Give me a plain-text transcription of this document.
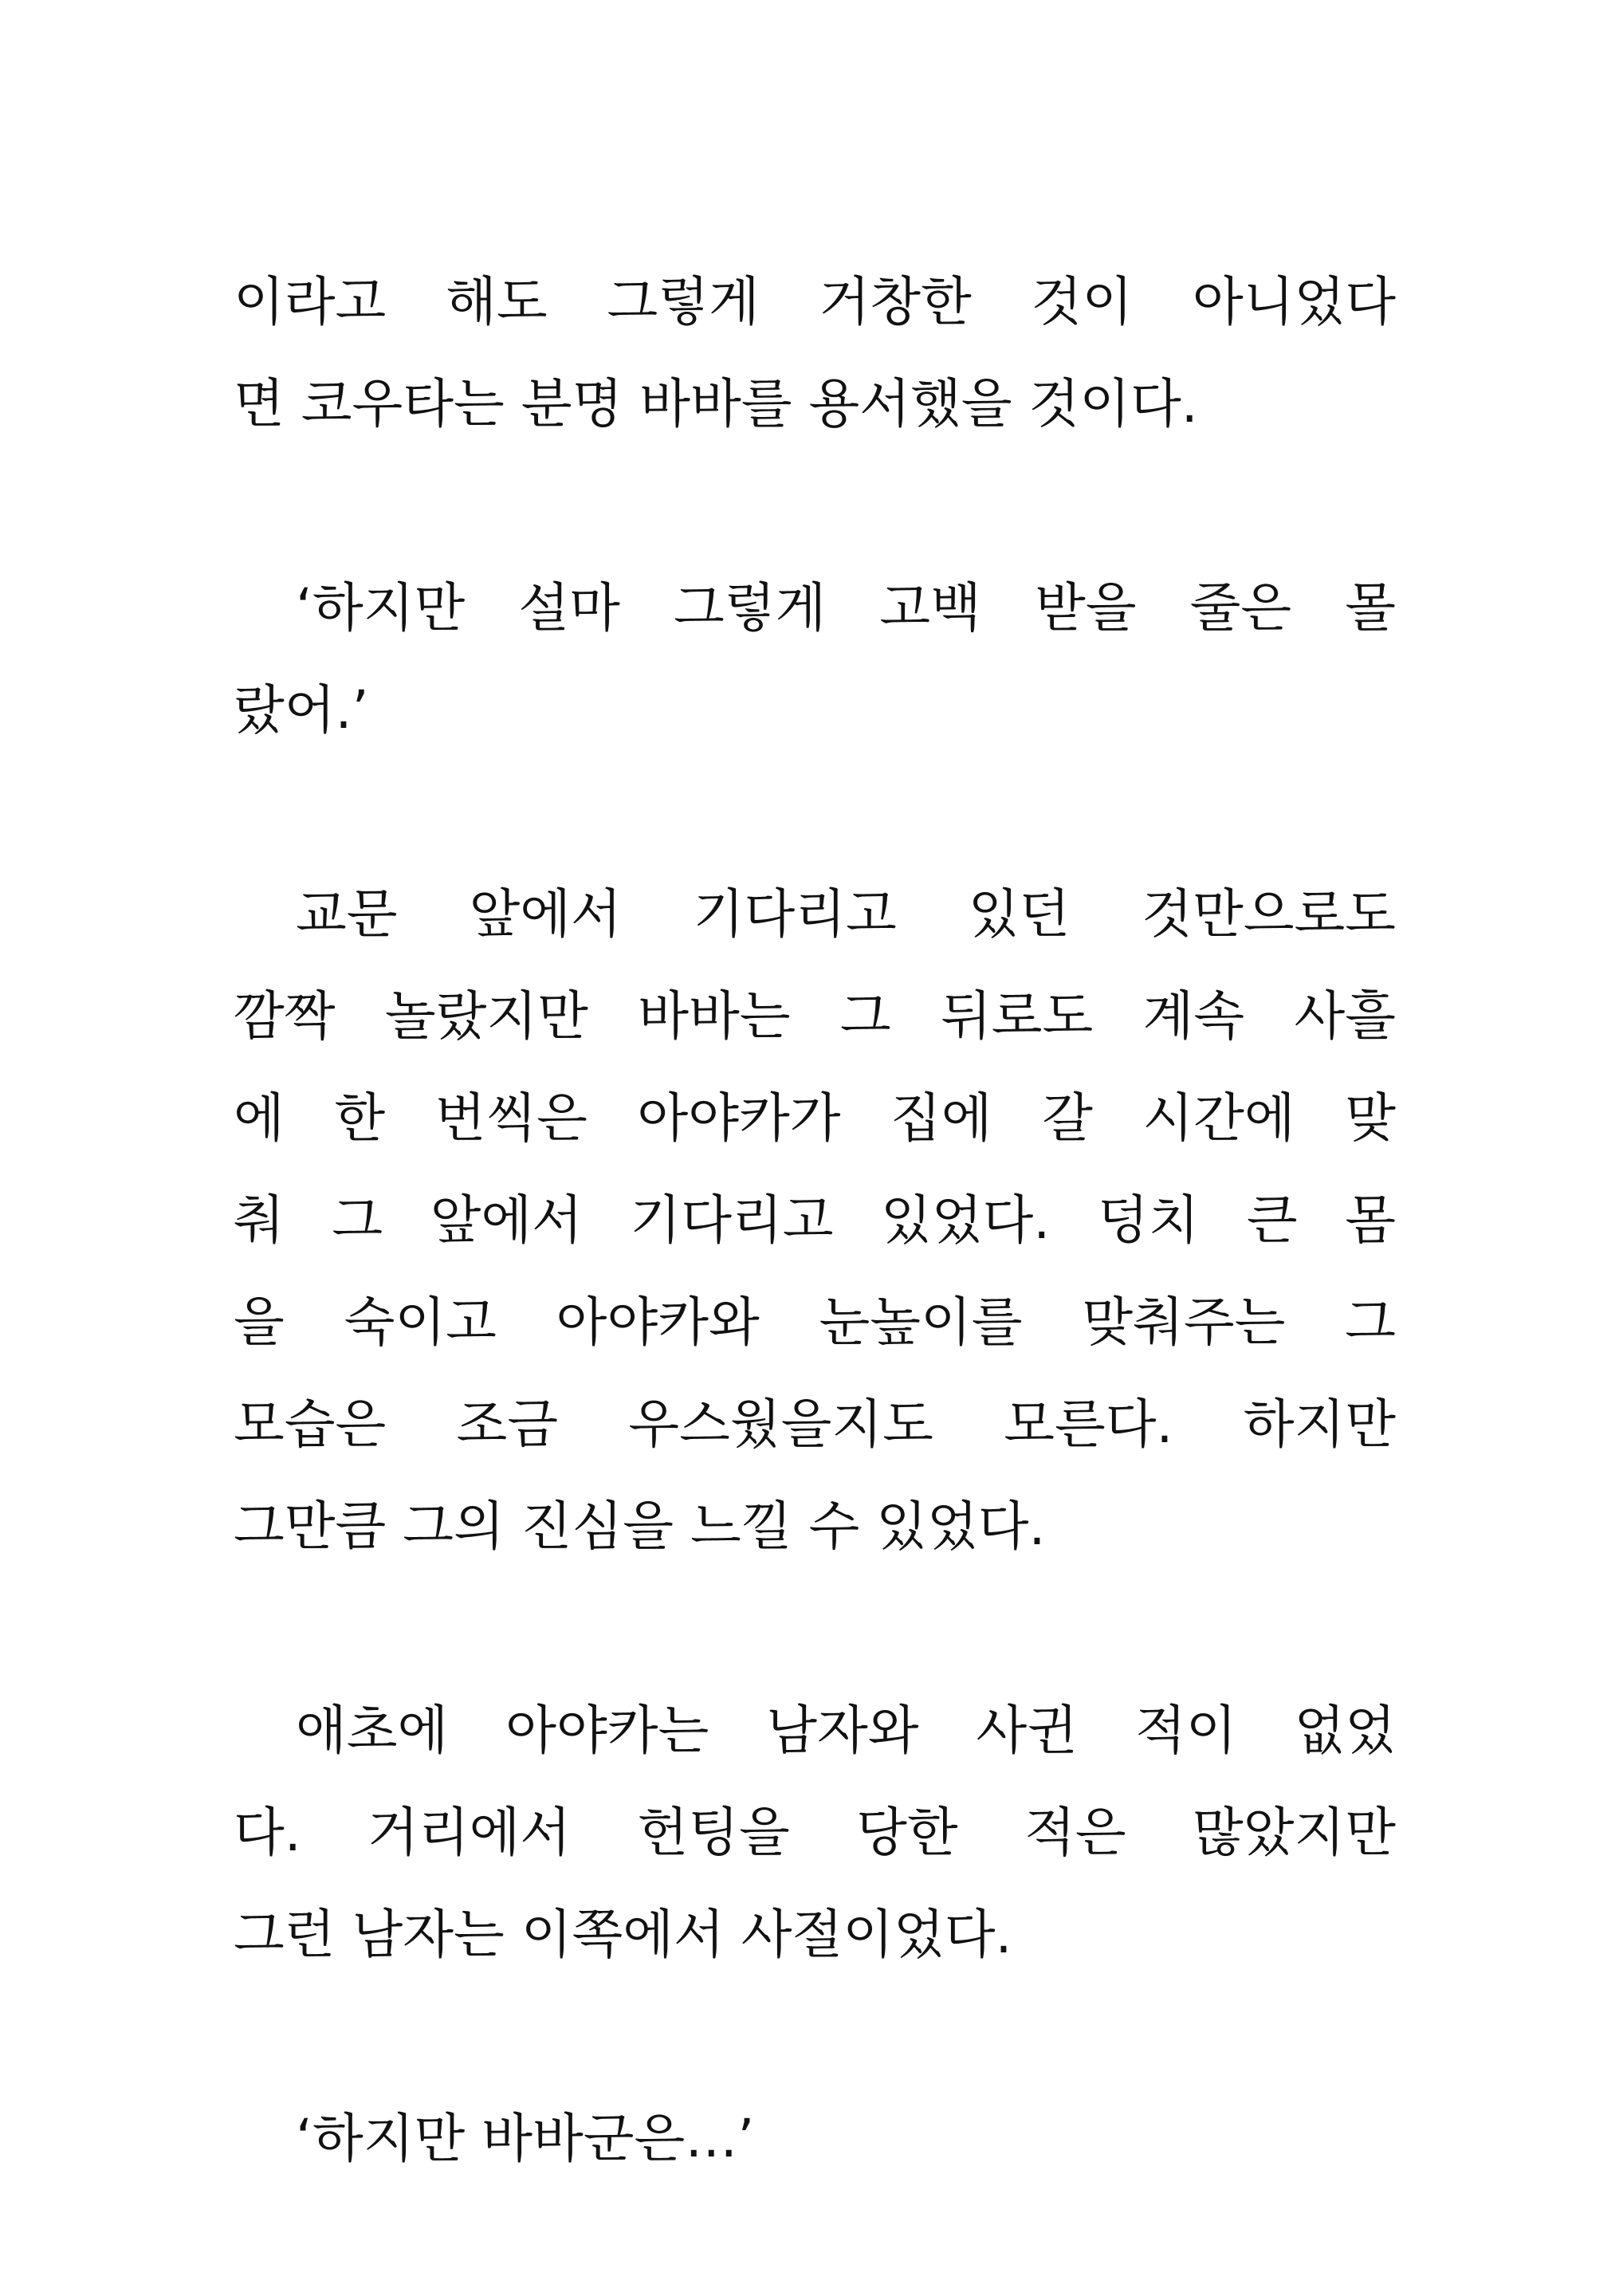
이라고 해도 그렇게 거창한 것이 아니었다
면 코우타는 분명 바바를 용서했을 것이다.
‘하지만 설마 그렇게 고백 받을 줄은 몰
랐어.’
교문 앞에서 기다리고 있던 것만으로도
깜짝 놀랐지만 바바는 그 뒤로도 계속 사흘
에 한 번씩은 아야카가 집에 갈 시간에 맞
춰 그 앞에서 기다리고 있었다. 덩치 큰 몸
을 숙이고 아야카와 눈높이를 맞춰주는 그
모습은 조금 우스웠을지도 모른다. 하지만
그만큼 그의 진심을 느낄 수 있었다.
애초에 아야카는 남자와 사귄 적이 없었
다. 거리에서 헌팅을 당한 적은 많았지만
그런 남자는 이쪽에서 사절이었다.
‘하지만 바바군은…’
